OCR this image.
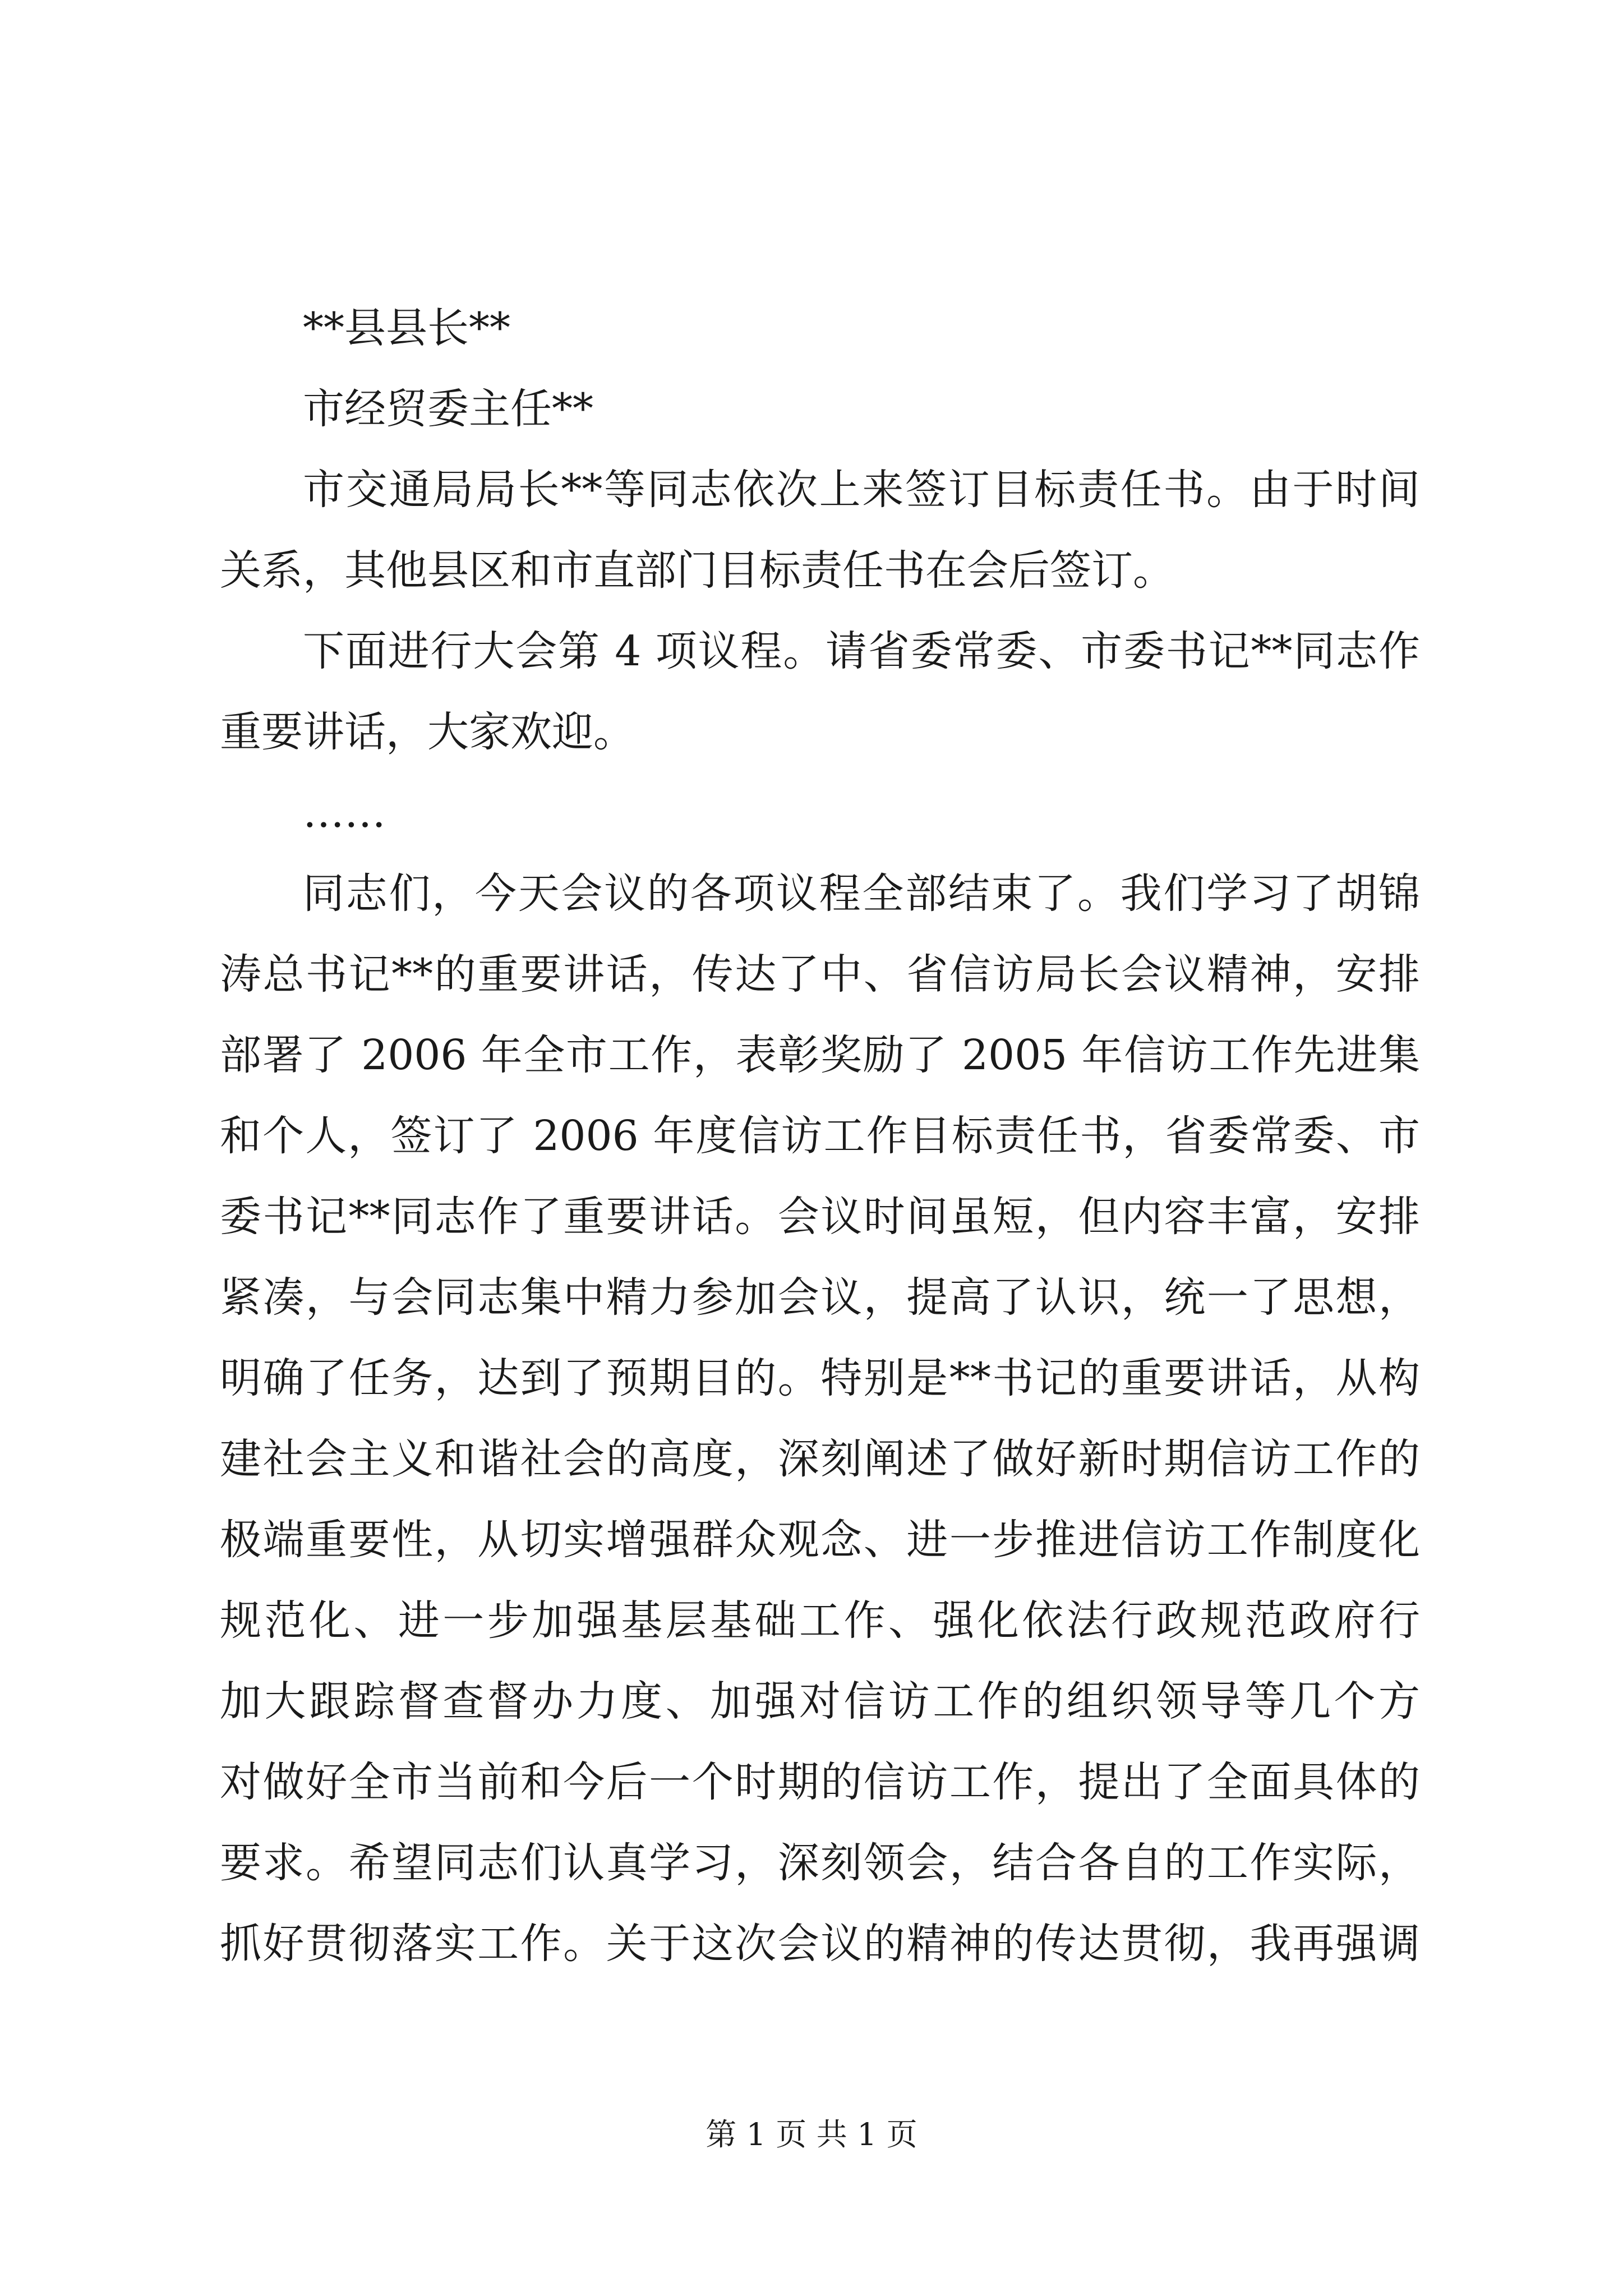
**县县长**
市经贸委主任**
市交通局局长**等同志依次上来签订目标责任书。由于时间
关系，其他县区和市直部门目标责任书在会后签订。
下面进行大会第 4 项议程。请省委常委、市委书记**同志作
重要讲话，大家欢迎。
……
同志们，今天会议的各项议程全部结束了。我们学习了胡锦
涛总书记**的重要讲话，传达了中、省信访局长会议精神，安排
部署了 2006 年全市工作，表彰奖励了 2005 年信访工作先进集
和个人，签订了 2006 年度信访工作目标责任书，省委常委、市
委书记**同志作了重要讲话。会议时间虽短，但内容丰富，安排
紧凑，与会同志集中精力参加会议，提高了认识，统一了思想，
明确了任务，达到了预期目的。特别是**书记的重要讲话，从构
建社会主义和谐社会的高度，深刻阐述了做好新时期信访工作的
极端重要性，从切实增强群众观念、进一步推进信访工作制度化
规范化、进一步加强基层基础工作、强化依法行政规范政府行
加大跟踪督查督办力度、加强对信访工作的组织领导等几个方
对做好全市当前和今后一个时期的信访工作，提出了全面具体的
要求。希望同志们认真学习，深刻领会，结合各自的工作实际，
抓好贯彻落实工作。关于这次会议的精神的传达贯彻，我再强调
第 1 页 共 1 页
